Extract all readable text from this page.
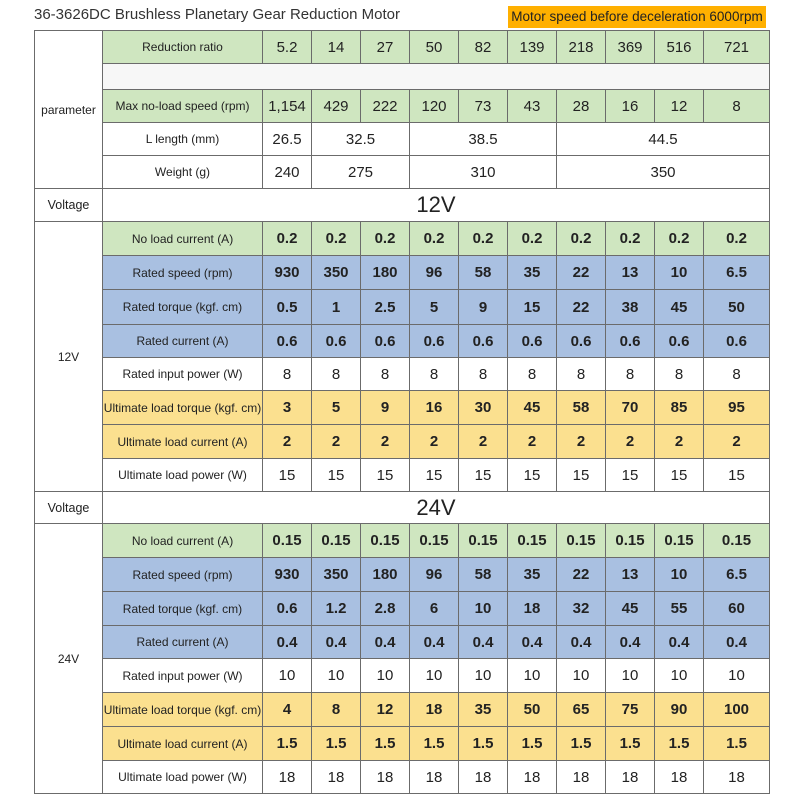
36-3626DC Brushless Planetary Gear Reduction Motor	Motor speed before deceleration 6000rpm
parameter	Reduction ratio	5.2	14	27	50	82	139	218	369	516	721

	Max no-load speed (rpm)	1,154	429	222	120	73	43	28	16	12	8
	L length (mm)	26.5	32.5		38.5			44.5			
	Weight (g)	240	275		310			350			
Voltage	12V										
12V	No load current (A)	0.2	0.2	0.2	0.2	0.2	0.2	0.2	0.2	0.2	0.2
	Rated speed (rpm)	930	350	180	96	58	35	22	13	10	6.5
	Rated torque (kgf. cm)	0.5	1	2.5	5	9	15	22	38	45	50
	Rated current (A)	0.6	0.6	0.6	0.6	0.6	0.6	0.6	0.6	0.6	0.6
	Rated input power (W)	8	8	8	8	8	8	8	8	8	8
	Ultimate load torque (kgf. cm)	3	5	9	16	30	45	58	70	85	95
	Ultimate load current (A)	2	2	2	2	2	2	2	2	2	2
	Ultimate load power (W)	15	15	15	15	15	15	15	15	15	15
Voltage	24V										
24V	No load current (A)	0.15	0.15	0.15	0.15	0.15	0.15	0.15	0.15	0.15	0.15
	Rated speed (rpm)	930	350	180	96	58	35	22	13	10	6.5
	Rated torque (kgf. cm)	0.6	1.2	2.8	6	10	18	32	45	55	60
	Rated current (A)	0.4	0.4	0.4	0.4	0.4	0.4	0.4	0.4	0.4	0.4
	Rated input power (W)	10	10	10	10	10	10	10	10	10	10
	Ultimate load torque (kgf. cm)	4	8	12	18	35	50	65	75	90	100
	Ultimate load current (A)	1.5	1.5	1.5	1.5	1.5	1.5	1.5	1.5	1.5	1.5
	Ultimate load power (W)	18	18	18	18	18	18	18	18	18	18
